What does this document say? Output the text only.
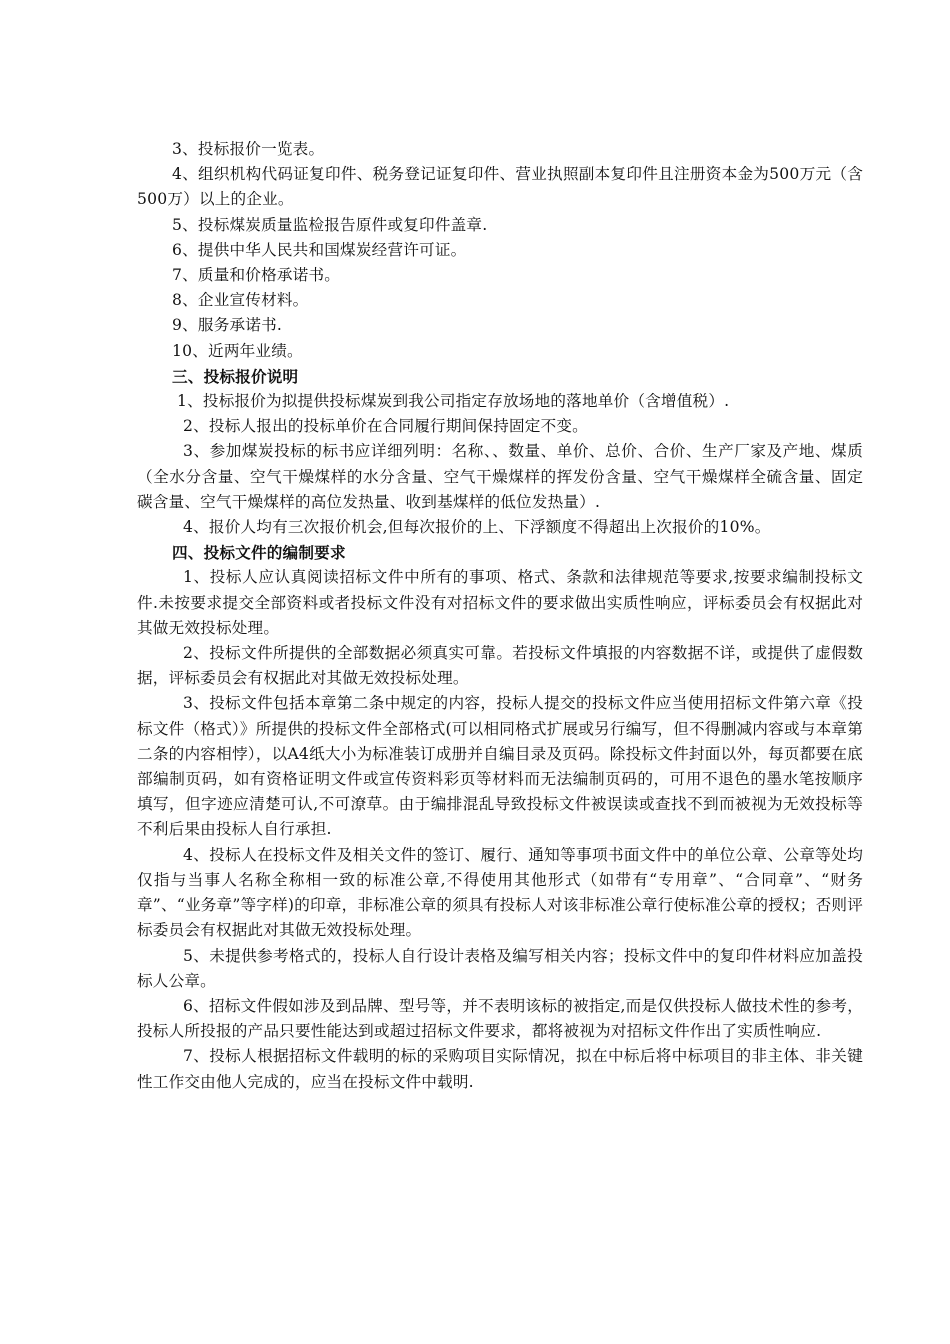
3、投标报价一览表。

4、组织机构代码证复印件、税务登记证复印件、营业执照副本复印件且注册资本金为500万元（含500万）以上的企业。

5、投标煤炭质量监检报告原件或复印件盖章.

6、提供中华人民共和国煤炭经营许可证。

7、质量和价格承诺书。

8、企业宣传材料。

9、服务承诺书.

10、近两年业绩。

三、投标报价说明

1、投标报价为拟提供投标煤炭到我公司指定存放场地的落地单价（含增值税）.

2、投标人报出的投标单价在合同履行期间保持固定不变。

3、参加煤炭投标的标书应详细列明：名称、、数量、单价、总价、合价、生产厂家及产地、煤质（全水分含量、空气干燥煤样的水分含量、空气干燥煤样的挥发份含量、空气干燥煤样全硫含量、固定碳含量、空气干燥煤样的高位发热量、收到基煤样的低位发热量）.

4、报价人均有三次报价机会,但每次报价的上、下浮额度不得超出上次报价的10%。

四、投标文件的编制要求

1、投标人应认真阅读招标文件中所有的事项、格式、条款和法律规范等要求,按要求编制投标文件.未按要求提交全部资料或者投标文件没有对招标文件的要求做出实质性响应，评标委员会有权据此对其做无效投标处理。

2、投标文件所提供的全部数据必须真实可靠。若投标文件填报的内容数据不详，或提供了虚假数据，评标委员会有权据此对其做无效投标处理。

3、投标文件包括本章第二条中规定的内容，投标人提交的投标文件应当使用招标文件第六章《投标文件（格式）》所提供的投标文件全部格式(可以相同格式扩展或另行编写，但不得删减内容或与本章第二条的内容相悖），以A4纸大小为标准装订成册并自编目录及页码。除投标文件封面以外，每页都要在底部编制页码，如有资格证明文件或宣传资料彩页等材料而无法编制页码的，可用不退色的墨水笔按顺序填写，但字迹应清楚可认,不可潦草。由于编排混乱导致投标文件被误读或查找不到而被视为无效投标等不利后果由投标人自行承担.

4、投标人在投标文件及相关文件的签订、履行、通知等事项书面文件中的单位公章、公章等处均仅指与当事人名称全称相一致的标准公章,不得使用其他形式（如带有“专用章”、“合同章”、“财务章”、“业务章”等字样)的印章，非标准公章的须具有投标人对该非标准公章行使标准公章的授权；否则评标委员会有权据此对其做无效投标处理。

5、未提供参考格式的，投标人自行设计表格及编写相关内容；投标文件中的复印件材料应加盖投标人公章。

6、招标文件假如涉及到品牌、型号等，并不表明该标的被指定,而是仅供投标人做技术性的参考，投标人所投报的产品只要性能达到或超过招标文件要求，都将被视为对招标文件作出了实质性响应.

7、投标人根据招标文件载明的标的采购项目实际情况，拟在中标后将中标项目的非主体、非关键性工作交由他人完成的，应当在投标文件中载明.
